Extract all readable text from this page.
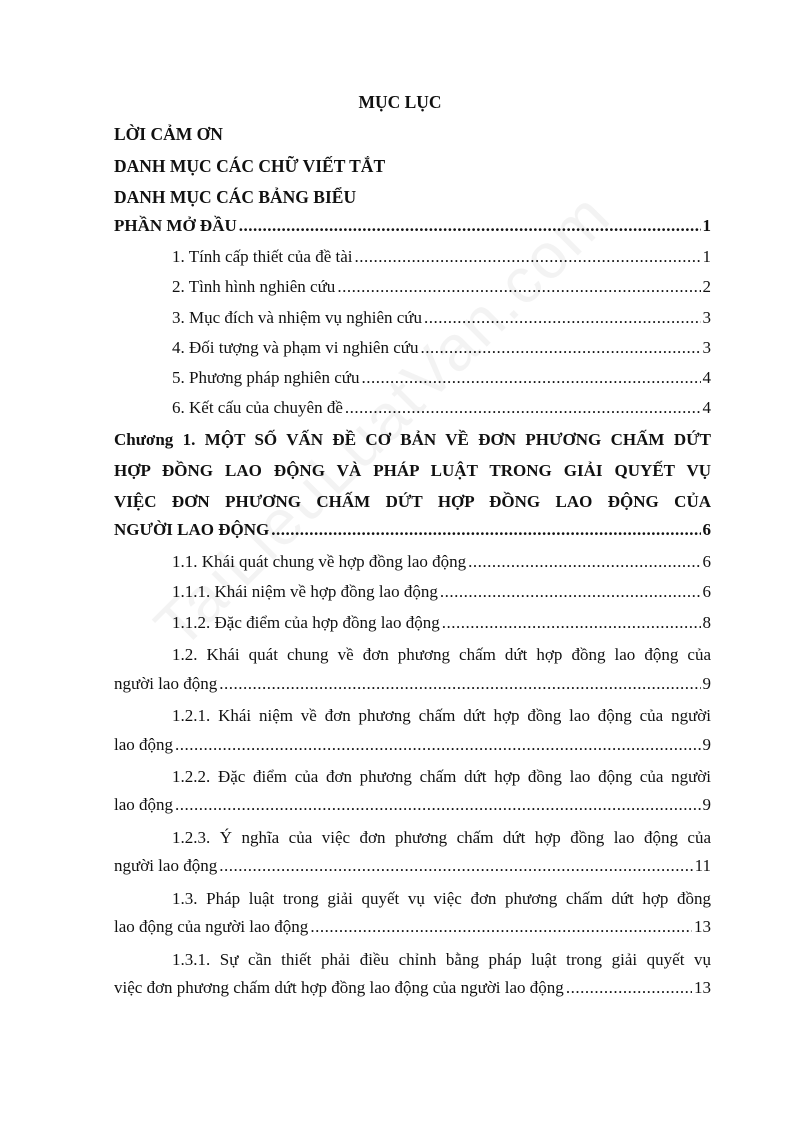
MỤC LỤC
LỜI CẢM ƠN
DANH MỤC CÁC CHỮ VIẾT TẮT
DANH MỤC CÁC BẢNG BIỂU
PHẦN MỞ ĐẦU .....	1
1. Tính cấp thiết của đề tài .....	1
2. Tình hình nghiên cứu .....	2
3. Mục đích và nhiệm vụ nghiên cứu .....	3
4. Đối tượng và phạm vi nghiên cứu .....	3
5. Phương pháp nghiên cứu .....	4
6. Kết cấu của chuyên đề .....	4
Chương 1. MỘT SỐ VẤN ĐỀ CƠ BẢN VỀ ĐƠN PHƯƠNG CHẤM DỨT
HỢP ĐỒNG LAO ĐỘNG VÀ PHÁP LUẬT TRONG GIẢI QUYẾT VỤ
VIỆC ĐƠN PHƯƠNG CHẤM DỨT HỢP ĐỒNG LAO ĐỘNG CỦA
NGƯỜI LAO ĐỘNG .....	6
1.1. Khái quát chung về hợp đồng lao động .....	6
1.1.1. Khái niệm về hợp đồng lao động .....	6
1.1.2. Đặc điểm của hợp đồng lao động .....	8
1.2. Khái quát chung về đơn phương chấm dứt hợp đồng lao động của
người lao động .....	9
1.2.1. Khái niệm về đơn phương chấm dứt hợp đồng lao động của người
lao động .....	9
1.2.2. Đặc điểm của đơn phương chấm dứt hợp đồng lao động của người
lao động .....	9
1.2.3. Ý nghĩa của việc đơn phương chấm dứt hợp đồng lao động của
người lao động .....	11
1.3. Pháp luật trong giải quyết vụ việc đơn phương chấm dứt hợp đồng
lao động của người lao động .....	13
1.3.1. Sự cần thiết phải điều chỉnh bằng pháp luật trong giải quyết vụ
việc đơn phương chấm dứt hợp đồng lao động của người lao động .....	13
